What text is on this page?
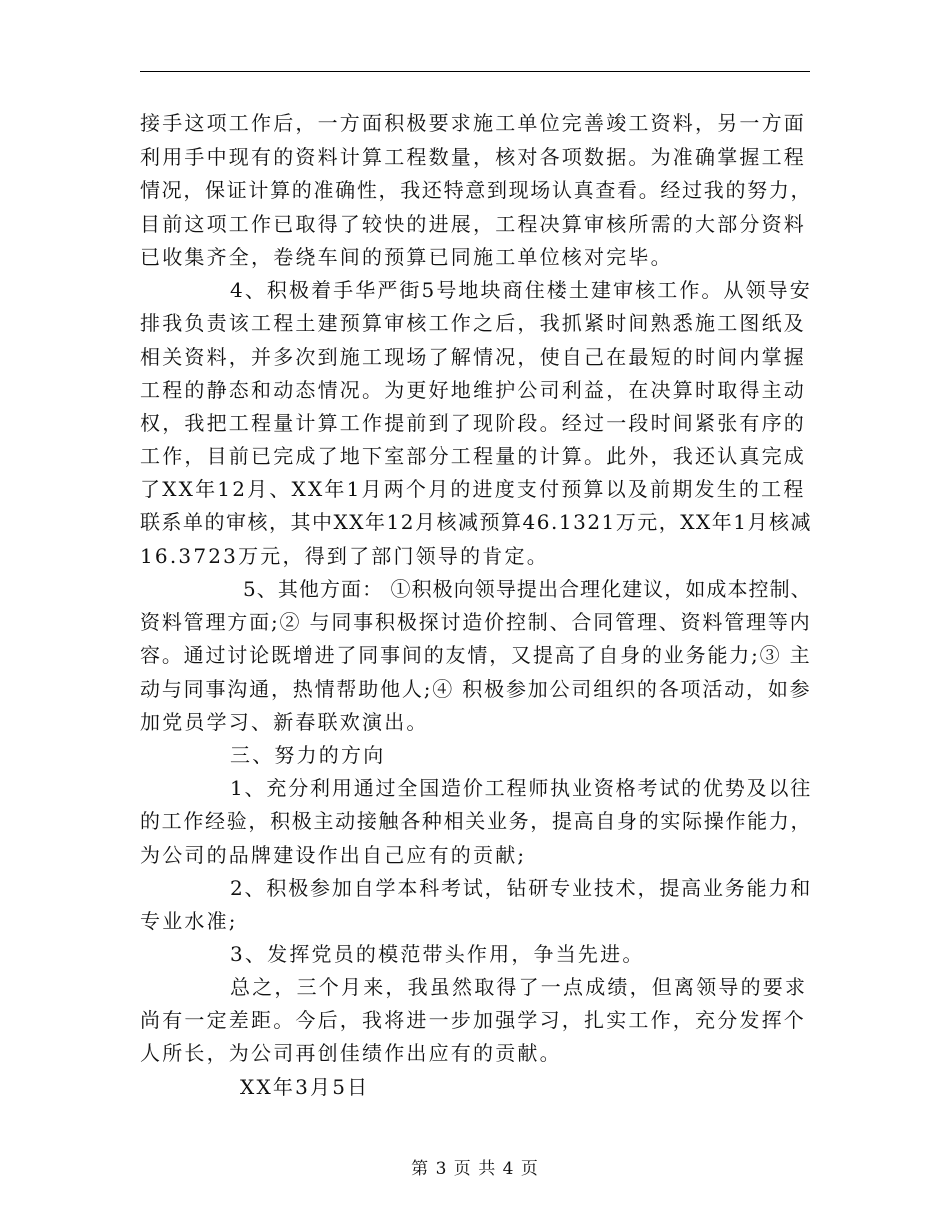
接手这项工作后，一方面积极要求施工单位完善竣工资料，另一方面
利用手中现有的资料计算工程数量，核对各项数据。为准确掌握工程
情况，保证计算的准确性，我还特意到现场认真查看。经过我的努力，
目前这项工作已取得了较快的进展，工程决算审核所需的大部分资料
已收集齐全，卷绕车间的预算已同施工单位核对完毕。
4、积极着手华严街5号地块商住楼土建审核工作。从领导安
排我负责该工程土建预算审核工作之后，我抓紧时间熟悉施工图纸及
相关资料，并多次到施工现场了解情况，使自己在最短的时间内掌握
工程的静态和动态情况。为更好地维护公司利益，在决算时取得主动
权，我把工程量计算工作提前到了现阶段。经过一段时间紧张有序的
工作，目前已完成了地下室部分工程量的计算。此外，我还认真完成
了XX年12月、XX年1月两个月的进度支付预算以及前期发生的工程
联系单的审核，其中XX年12月核减预算46.1321万元，XX年1月核减
16.3723万元，得到了部门领导的肯定。
5、其他方面： ①积极向领导提出合理化建议，如成本控制、
资料管理方面;② 与同事积极探讨造价控制、合同管理、资料管理等内
容。通过讨论既增进了同事间的友情，又提高了自身的业务能力;③ 主
动与同事沟通，热情帮助他人;④ 积极参加公司组织的各项活动，如参
加党员学习、新春联欢演出。
三、努力的方向
1、充分利用通过全国造价工程师执业资格考试的优势及以往
的工作经验，积极主动接触各种相关业务，提高自身的实际操作能力，
为公司的品牌建设作出自己应有的贡献;
2、积极参加自学本科考试，钻研专业技术，提高业务能力和
专业水准;
3、发挥党员的模范带头作用，争当先进。
总之，三个月来，我虽然取得了一点成绩，但离领导的要求
尚有一定差距。今后，我将进一步加强学习，扎实工作，充分发挥个
人所长，为公司再创佳绩作出应有的贡献。
XX年3月5日
第 3 页 共 4 页
